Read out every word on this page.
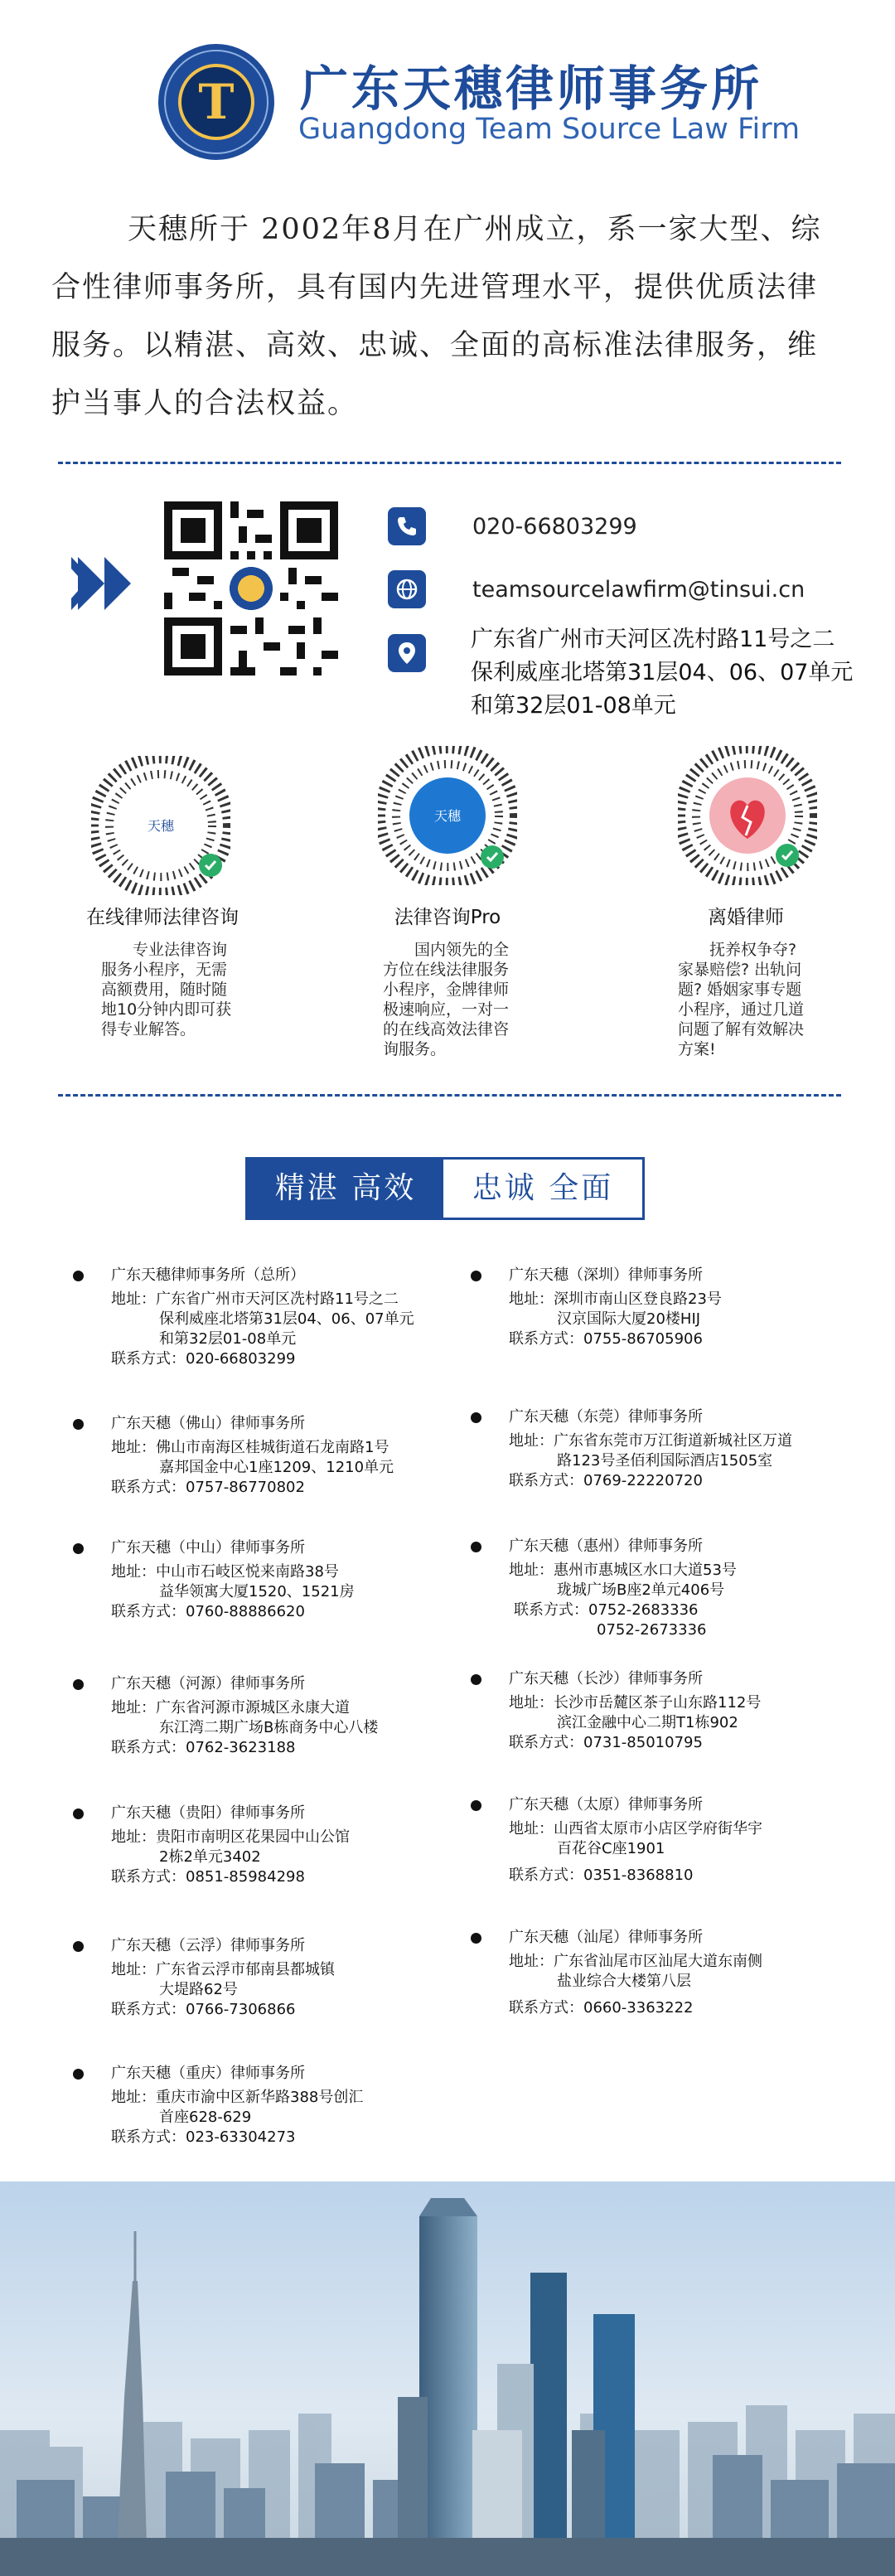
T 广东天穗律师事务所
Guangdong Team Source Law Firm
天穗所于 2002年8月在广州成立，系一家大型、综合性律师事务所，具有国内先进管理水平，提供优质法律服务。以精湛、高效、忠诚、全面的高标准法律服务，维护当事人的合法权益。
020-66803299
teamsourcelawfirm@tinsui.cn
广东省广州市天河区冼村路11号之二
保利威座北塔第31层04、06、07单元
和第32层01-08单元
天穗
天穗
在线律师法律咨询	法律咨询Pro	离婚律师
专业法律咨询
服务小程序，无需
高额费用，随时随
地10分钟内即可获
得专业解答。
国内领先的全
方位在线法律服务
小程序，金牌律师
极速响应，一对一
的在线高效法律咨
询服务。
抚养权争夺?
家暴赔偿? 出轨问
题? 婚姻家事专题
小程序，通过几道
问题了解有效解决
方案!
精湛 高效	忠诚 全面
广东天穗律师事务所（总所）
地址：广东省广州市天河区冼村路11号之二
保利威座北塔第31层04、06、07单元
和第32层01-08单元
联系方式：020-66803299
广东天穗（佛山）律师事务所
地址：佛山市南海区桂城街道石龙南路1号
嘉邦国金中心1座1209、1210单元
联系方式：0757-86770802
广东天穗（中山）律师事务所
地址：中山市石岐区悦来南路38号
益华领寓大厦1520、1521房
联系方式：0760-88886620
广东天穗（河源）律师事务所
地址：广东省河源市源城区永康大道
东江湾二期广场B栋商务中心八楼
联系方式：0762-3623188
广东天穗（贵阳）律师事务所
地址：贵阳市南明区花果园中山公馆
2栋2单元3402
联系方式：0851-85984298
广东天穗（云浮）律师事务所
地址：广东省云浮市郁南县都城镇
大堤路62号
联系方式：0766-7306866
广东天穗（重庆）律师事务所
地址：重庆市渝中区新华路388号创汇
首座628-629
联系方式：023-63304273
广东天穗（深圳）律师事务所
地址：深圳市南山区登良路23号
汉京国际大厦20楼HIJ
联系方式：0755-86705906
广东天穗（东莞）律师事务所
地址：广东省东莞市万江街道新城社区万道
路123号圣佰利国际酒店1505室
联系方式：0769-22220720
广东天穗（惠州）律师事务所
地址：惠州市惠城区水口大道53号
珑城广场B座2单元406号
联系方式：0752-2683336
0752-2673336
广东天穗（长沙）律师事务所
地址：长沙市岳麓区茶子山东路112号
滨江金融中心二期T1栋902
联系方式：0731-85010795
广东天穗（太原）律师事务所
地址：山西省太原市小店区学府街华宇
百花谷C座1901
联系方式：0351-8368810
广东天穗（汕尾）律师事务所
地址：广东省汕尾市区汕尾大道东南侧
盐业综合大楼第八层
联系方式：0660-3363222
